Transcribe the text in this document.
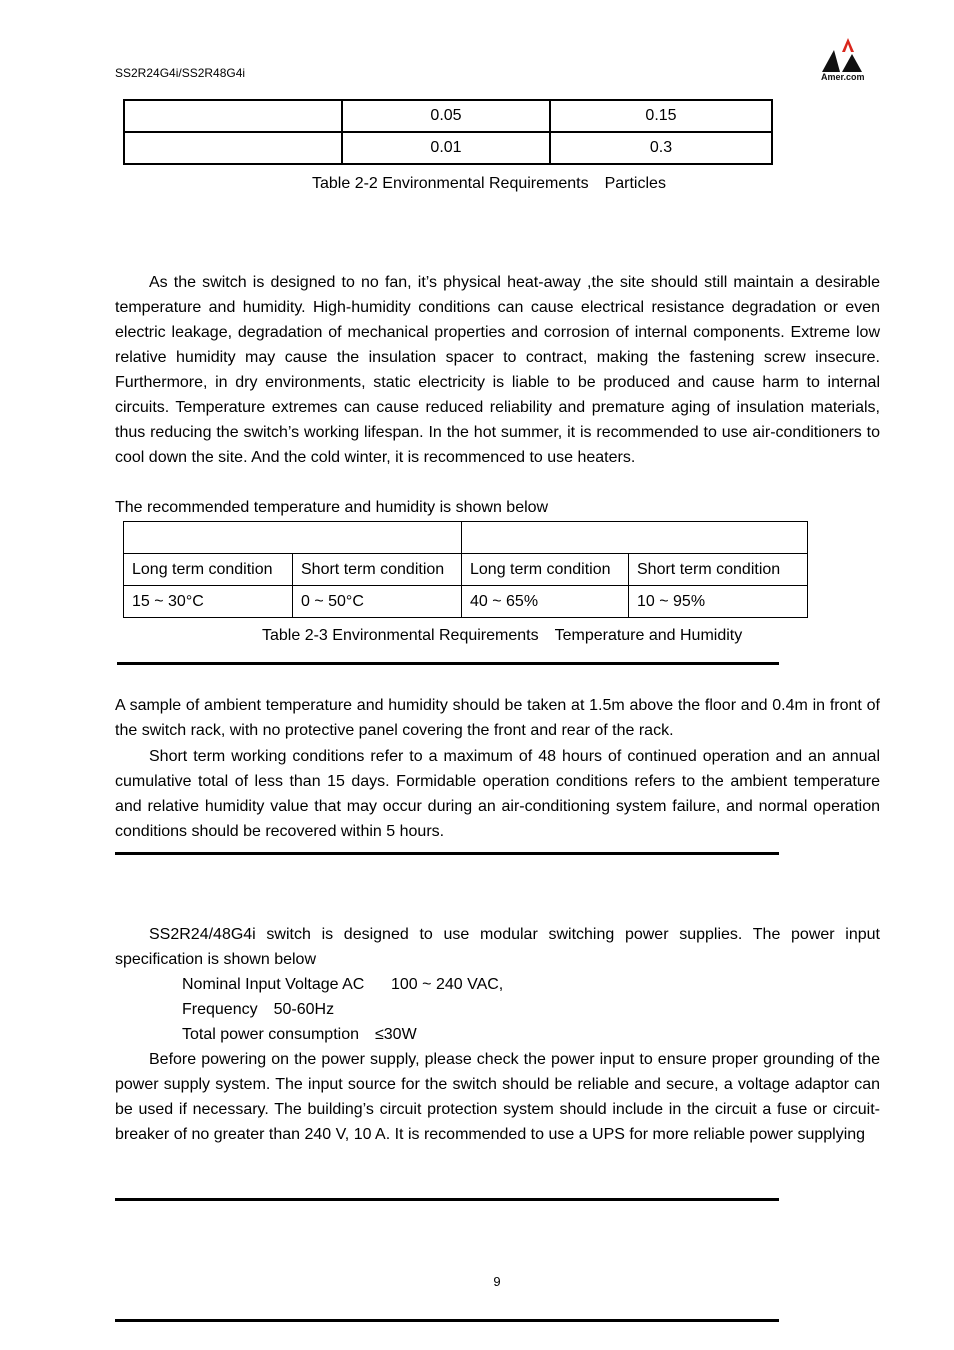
SS2R24G4i/SS2R48G4i	Amer.com
	0.05	0.15
	0.01	0.3
Table 2-2 Environmental Requirements　Particles
As the switch is designed to no fan, it’s physical heat-away ,the site should still maintain a desirable temperature and humidity. High-humidity conditions can cause electrical resistance degradation or even electric leakage, degradation of mechanical properties and corrosion of internal components. Extreme low relative humidity may cause the insulation spacer to contract, making the fastening screw insecure. Furthermore, in dry environments, static electricity is liable to be produced and cause harm to internal circuits. Temperature extremes can cause reduced reliability and premature aging of insulation materials, thus reducing the switch’s working lifespan. In the hot summer, it is recommended to use air-conditioners to cool down the site. And the cold winter, it is recommenced to use heaters.
The recommended temperature and humidity is shown below

Long term condition	Short term condition	Long term condition	Short term condition
15 ~ 30°C	0 ~ 50°C	40 ~ 65%	10 ~ 95%
Table 2-3 Environmental Requirements　Temperature and Humidity
A sample of ambient temperature and humidity should be taken at 1.5m above the floor and 0.4m in front of the switch rack, with no protective panel covering the front and rear of the rack.
Short term working conditions refer to a maximum of 48 hours of continued operation and an annual cumulative total of less than 15 days. Formidable operation conditions refers to the ambient temperature and relative humidity value that may occur during an air-conditioning system failure, and normal operation conditions should be recovered within 5 hours.
SS2R24/48G4i switch is designed to use modular switching power supplies. The power input specification is shown below
Nominal Input Voltage AC      100 ~ 240 VAC,
Frequency　50-60Hz
Total power consumption　≤30W
Before powering on the power supply, please check the power input to ensure proper grounding of the power supply system. The input source for the switch should be reliable and secure, a voltage adaptor can be used if necessary. The building’s circuit protection system should include in the circuit a fuse or circuit-breaker of no greater than 240 V, 10 A. It is recommended to use a UPS for more reliable power supplying
9
